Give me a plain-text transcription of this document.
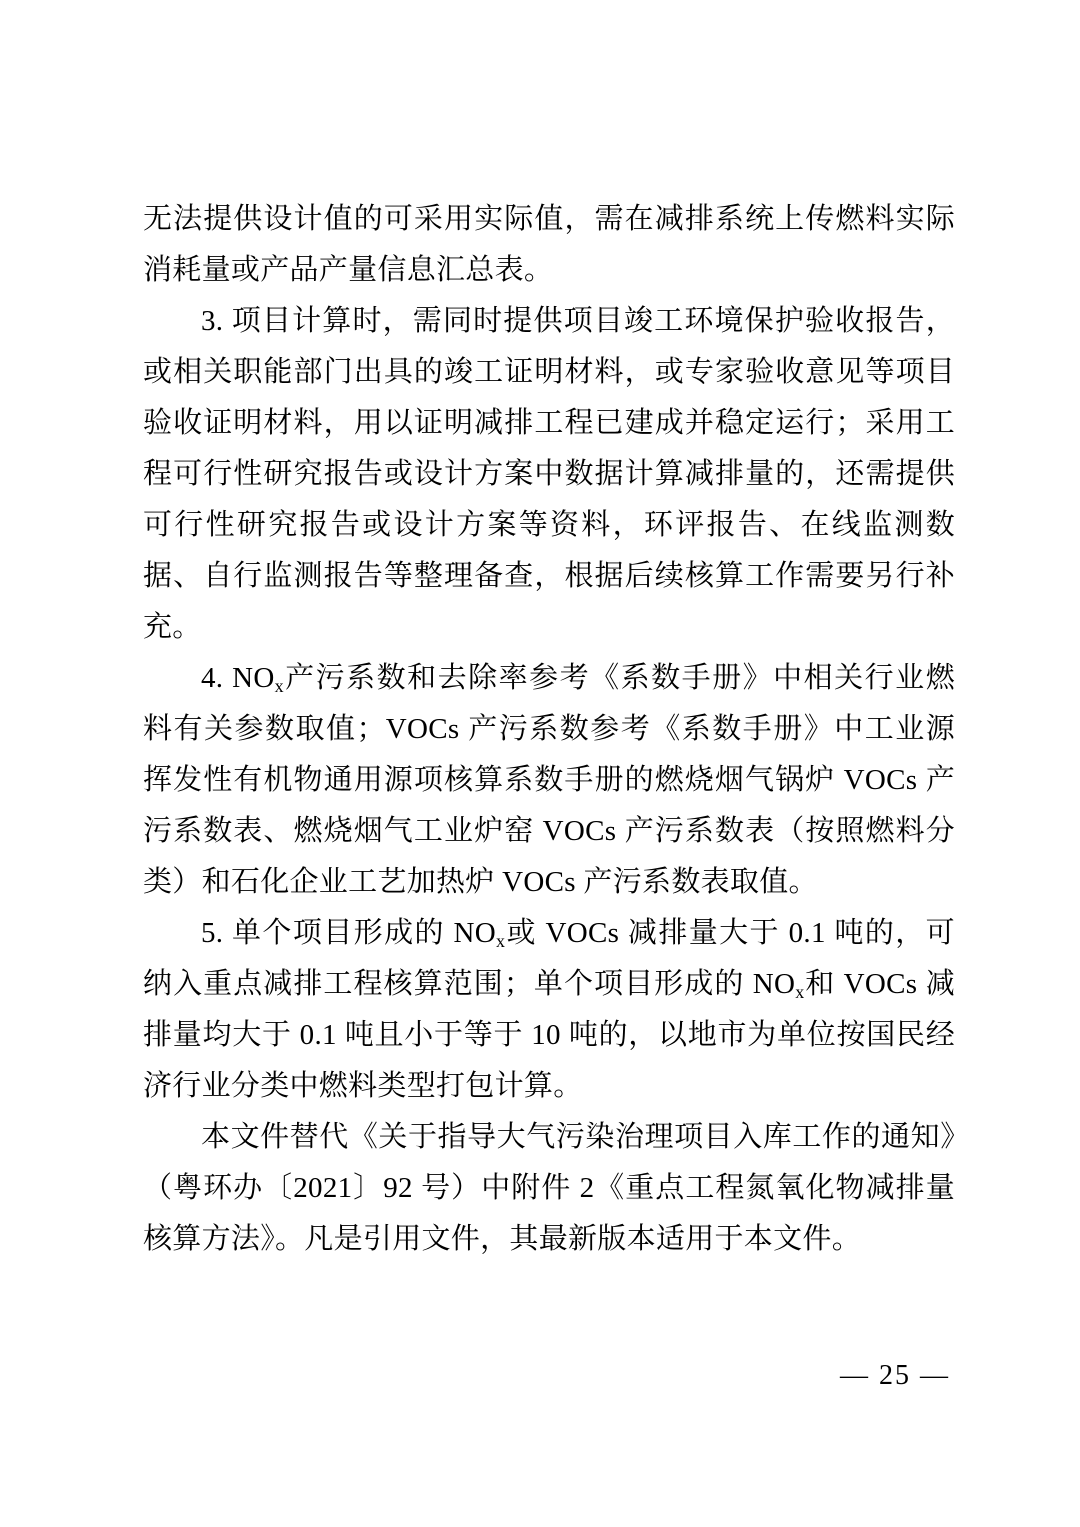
无法提供设计值的可采用实际值，需在减排系统上传燃料实际消耗量或产品产量信息汇总表。

3. 项目计算时，需同时提供项目竣工环境保护验收报告，或相关职能部门出具的竣工证明材料，或专家验收意见等项目验收证明材料，用以证明减排工程已建成并稳定运行；采用工程可行性研究报告或设计方案中数据计算减排量的，还需提供可行性研究报告或设计方案等资料，环评报告、在线监测数据、自行监测报告等整理备查，根据后续核算工作需要另行补充。

4. $NO_x$产污系数和去除率参考《系数手册》中相关行业燃料有关参数取值；VOCs 产污系数参考《系数手册》中工业源挥发性有机物通用源项核算系数手册的燃烧烟气锅炉 VOCs 产污系数表、燃烧烟气工业炉窑 VOCs 产污系数表（按照燃料分类）和石化企业工艺加热炉 VOCs 产污系数表取值。

5. 单个项目形成的 $NO_x$或 VOCs 减排量大于 0.1 吨的，可纳入重点减排工程核算范围；单个项目形成的 $NO_x$和 VOCs 减排量均大于 0.1 吨且小于等于 10 吨的，以地市为单位按国民经济行业分类中燃料类型打包计算。

本文件替代《关于指导大气污染治理项目入库工作的通知》（粤环办〔2021〕92 号）中附件 2《重点工程氮氧化物减排量核算方法》。凡是引用文件，其最新版本适用于本文件。

— 25 —
